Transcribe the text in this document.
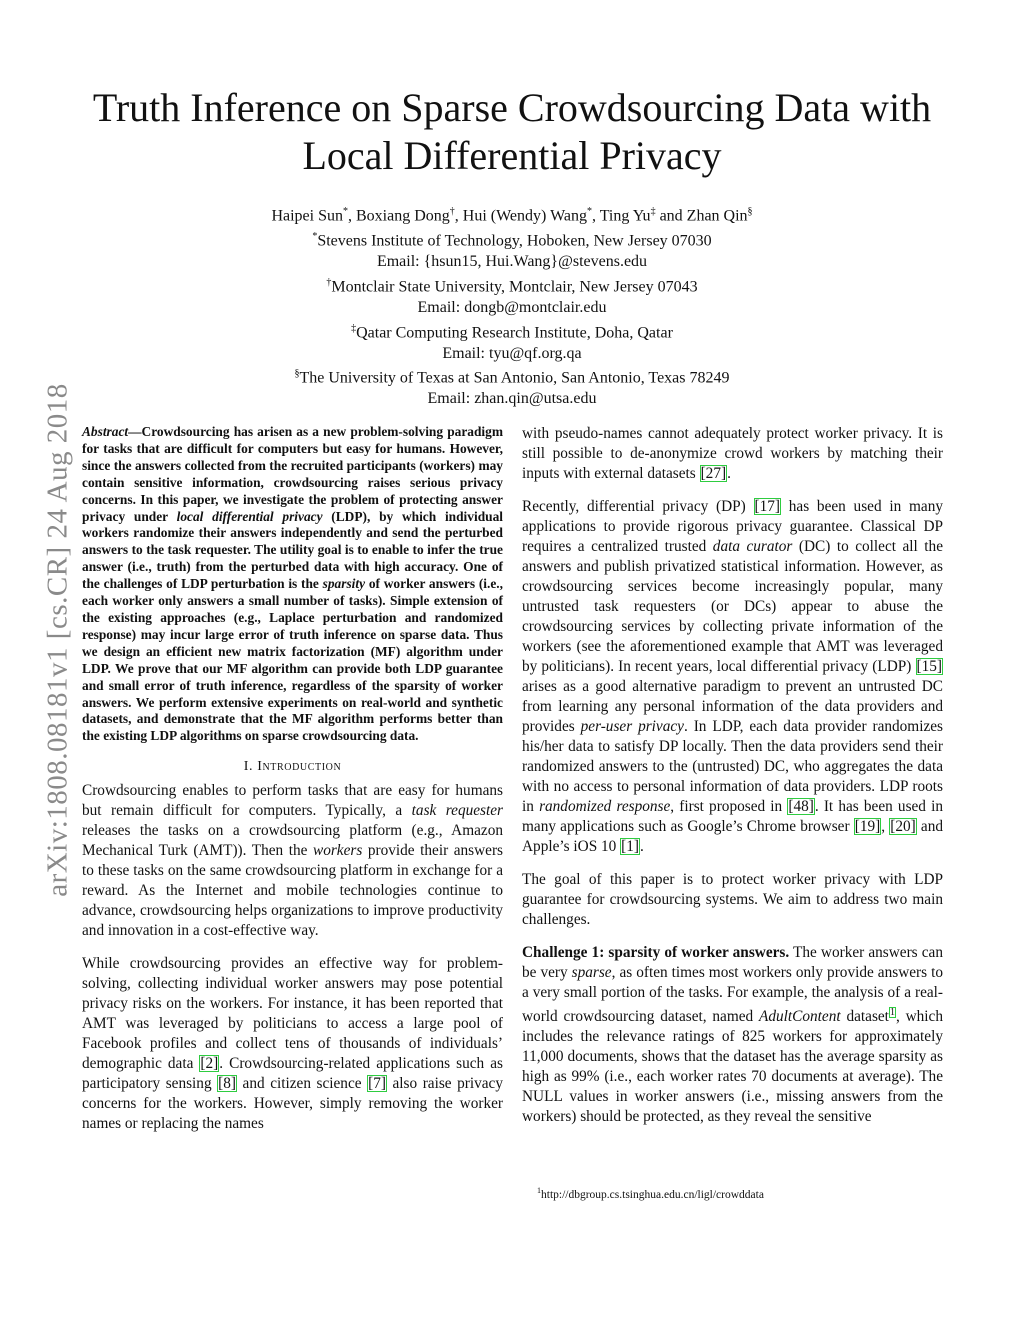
arXiv:1808.08181v1 [cs.CR] 24 Aug 2018
Truth Inference on Sparse Crowdsourcing Data with Local Differential Privacy
Haipei Sun*, Boxiang Dong†, Hui (Wendy) Wang*, Ting Yu‡ and Zhan Qin§
*Stevens Institute of Technology, Hoboken, New Jersey 07030
Email: {hsun15, Hui.Wang}@stevens.edu
†Montclair State University, Montclair, New Jersey 07043
Email: dongb@montclair.edu
‡Qatar Computing Research Institute, Doha, Qatar
Email: tyu@qf.org.qa
§The University of Texas at San Antonio, San Antonio, Texas 78249
Email: zhan.qin@utsa.edu

Abstract—Crowdsourcing has arisen as a new problem-solving paradigm for tasks that are difficult for computers but easy for humans. However, since the answers collected from the recruited participants (workers) may contain sensitive information, crowdsourcing raises serious privacy concerns. In this paper, we investigate the problem of protecting answer privacy under local differential privacy (LDP), by which individual workers randomize their answers independently and send the perturbed answers to the task requester. The utility goal is to enable to infer the true answer (i.e., truth) from the perturbed data with high accuracy. One of the challenges of LDP perturbation is the sparsity of worker answers (i.e., each worker only answers a small number of tasks). Simple extension of the existing approaches (e.g., Laplace perturbation and randomized response) may incur large error of truth inference on sparse data. Thus we design an efficient new matrix factorization (MF) algorithm under LDP. We prove that our MF algorithm can provide both LDP guarantee and small error of truth inference, regardless of the sparsity of worker answers. We perform extensive experiments on real-world and synthetic datasets, and demonstrate that the MF algorithm performs better than the existing LDP algorithms on sparse crowdsourcing data.

I. Introduction

Crowdsourcing enables to perform tasks that are easy for humans but remain difficult for computers. Typically, a task requester releases the tasks on a crowdsourcing platform (e.g., Amazon Mechanical Turk (AMT)). Then the workers provide their answers to these tasks on the same crowdsourcing platform in exchange for a reward. As the Internet and mobile technologies continue to advance, crowdsourcing helps organizations to improve productivity and innovation in a cost-effective way.

While crowdsourcing provides an effective way for problem-solving, collecting individual worker answers may pose potential privacy risks on the workers. For instance, it has been reported that AMT was leveraged by politicians to access a large pool of Facebook profiles and collect tens of thousands of individuals’ demographic data [2]. Crowdsourcing-related applications such as participatory sensing [8] and citizen science [7] also raise privacy concerns for the workers. However, simply removing the worker names or replacing the names

with pseudo-names cannot adequately protect worker privacy. It is still possible to de-anonymize crowd workers by matching their inputs with external datasets [27].

Recently, differential privacy (DP) [17] has been used in many applications to provide rigorous privacy guarantee. Classical DP requires a centralized trusted data curator (DC) to collect all the answers and publish privatized statistical information. However, as crowdsourcing services become increasingly popular, many untrusted task requesters (or DCs) appear to abuse the crowdsourcing services by collecting private information of the workers (see the aforementioned example that AMT was leveraged by politicians). In recent years, local differential privacy (LDP) [15] arises as a good alternative paradigm to prevent an untrusted DC from learning any personal information of the data providers and provides per-user privacy. In LDP, each data provider randomizes his/her data to satisfy DP locally. Then the data providers send their randomized answers to the (untrusted) DC, who aggregates the data with no access to personal information of data providers. LDP roots in randomized response, first proposed in [48]. It has been used in many applications such as Google’s Chrome browser [19], [20] and Apple’s iOS 10 [1].

The goal of this paper is to protect worker privacy with LDP guarantee for crowdsourcing systems. We aim to address two main challenges.

Challenge 1: sparsity of worker answers. The worker answers can be very sparse, as often times most workers only provide answers to a very small portion of the tasks. For example, the analysis of a real-world crowdsourcing dataset, named AdultContent dataset$^1$, which includes the relevance ratings of 825 workers for approximately 11,000 documents, shows that the dataset has the average sparsity as high as 99% (i.e., each worker rates 70 documents at average). The NULL values in worker answers (i.e., missing answers from the workers) should be protected, as they reveal the sensitive

$^1$http://dbgroup.cs.tsinghua.edu.cn/ligl/crowddata
